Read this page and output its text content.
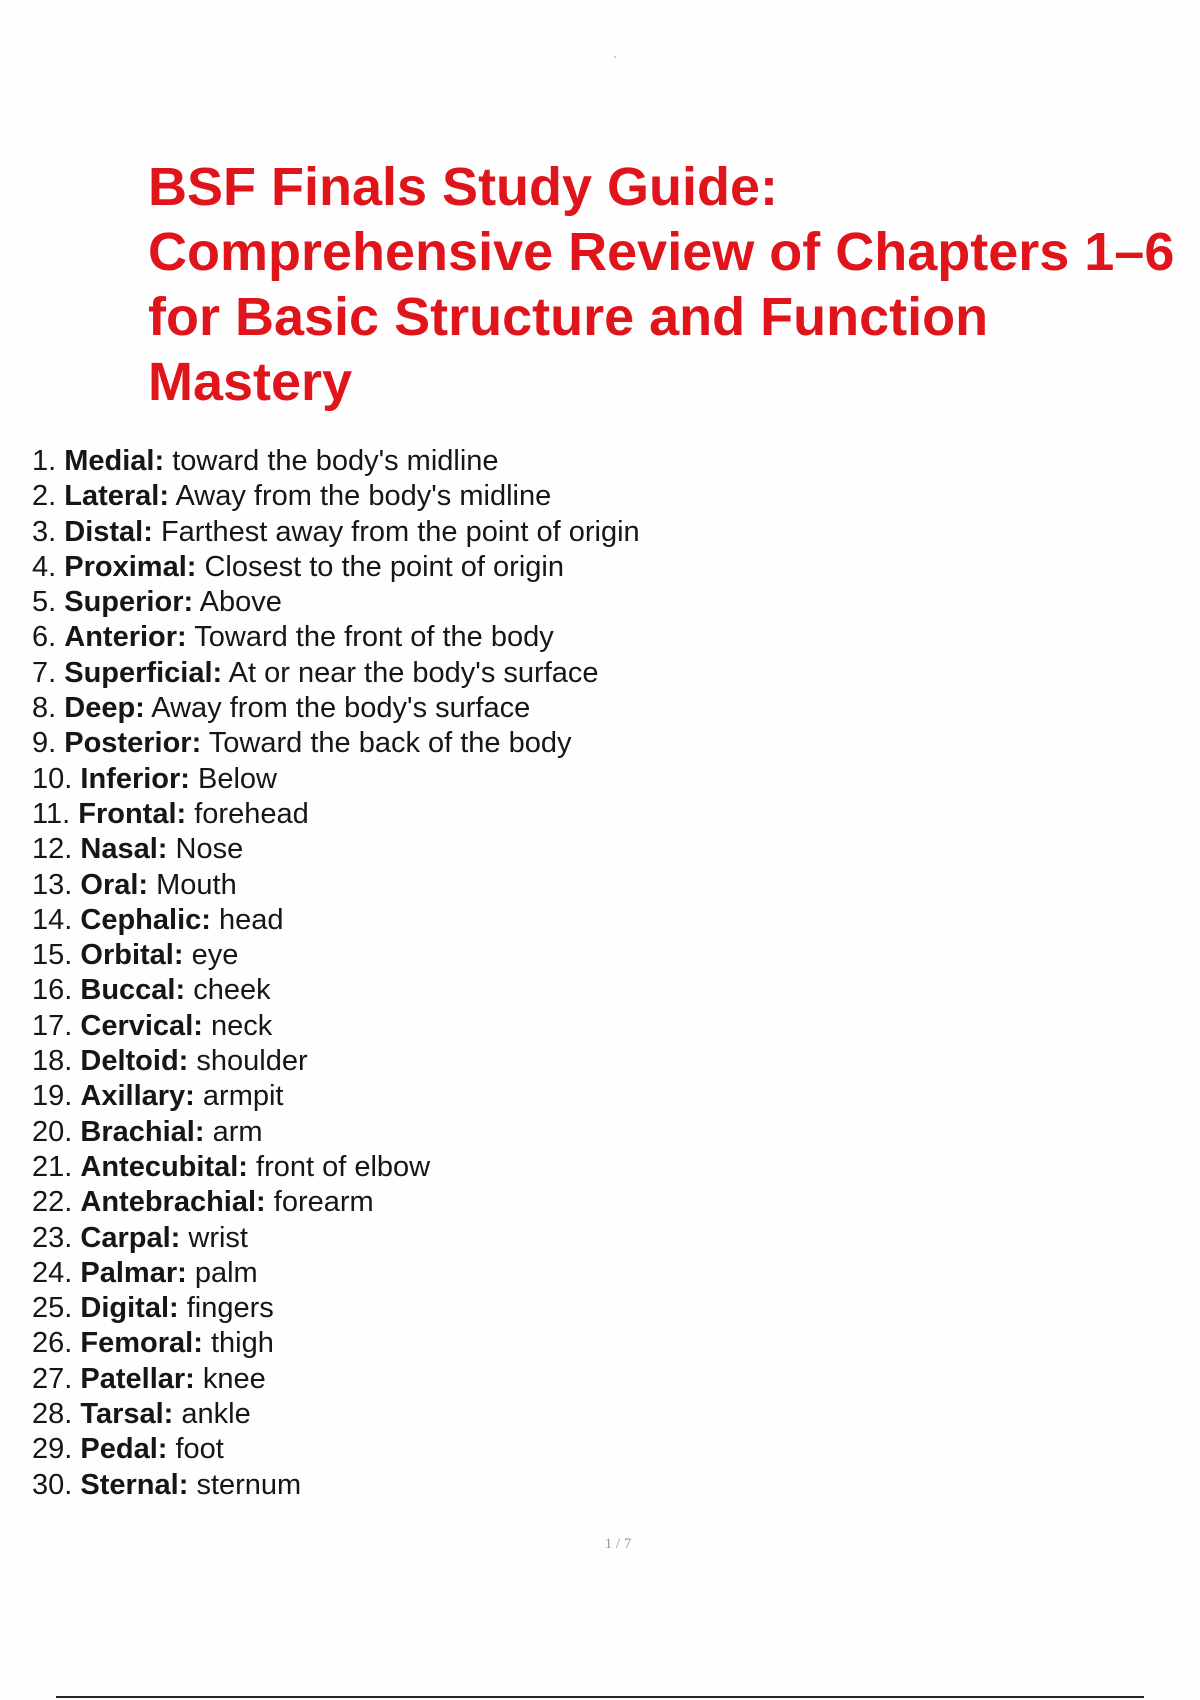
BSF Finals Study Guide:
Comprehensive Review of Chapters 1–6
for Basic Structure and Function
Mastery
1. Medial: toward the body's midline
2. Lateral: Away from the body's midline
3. Distal: Farthest away from the point of origin
4. Proximal: Closest to the point of origin
5. Superior: Above
6. Anterior: Toward the front of the body
7. Superficial: At or near the body's surface
8. Deep: Away from the body's surface
9. Posterior: Toward the back of the body
10. Inferior: Below
11. Frontal: forehead
12. Nasal: Nose
13. Oral: Mouth
14. Cephalic: head
15. Orbital: eye
16. Buccal: cheek
17. Cervical: neck
18. Deltoid: shoulder
19. Axillary: armpit
20. Brachial: arm
21. Antecubital: front of elbow
22. Antebrachial: forearm
23. Carpal: wrist
24. Palmar: palm
25. Digital: fingers
26. Femoral: thigh
27. Patellar: knee
28. Tarsal: ankle
29. Pedal: foot
30. Sternal: sternum
1 / 7
